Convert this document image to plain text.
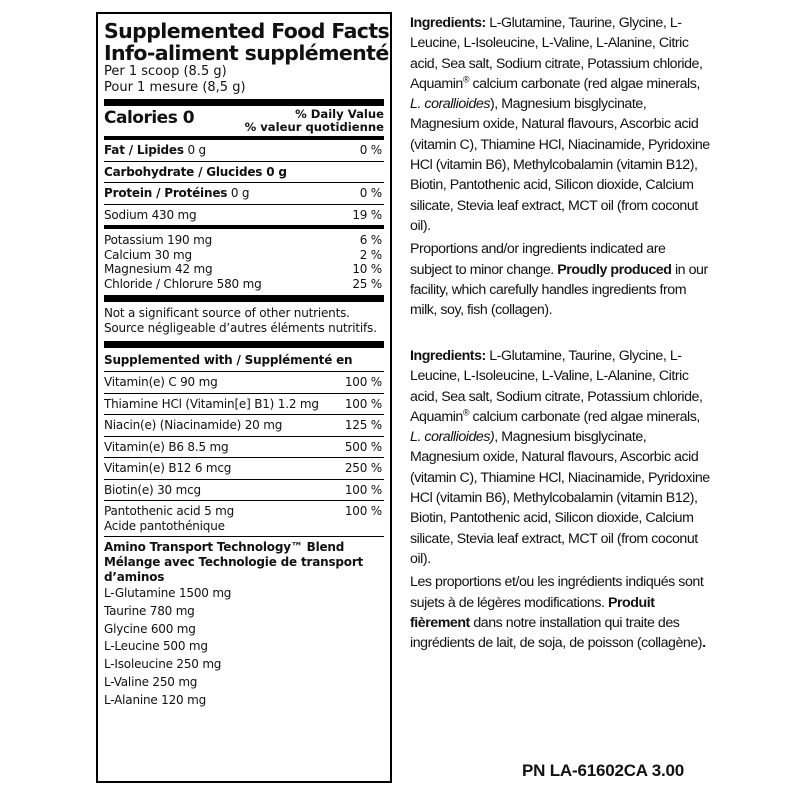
Supplemented Food Facts
Info-aliment supplémenté
Per 1 scoop (8.5 g)
Pour 1 mesure (8,5 g)
Calories 0	% Daily Value
% valeur quotidienne
Fat / Lipides 0 g	0 %
Carbohydrate / Glucides 0 g
Protein / Protéines 0 g	0 %
Sodium 430 mg	19 %
Potassium 190 mg	6 %
Calcium 30 mg	2 %
Magnesium 42 mg	10 %
Chloride / Chlorure 580 mg	25 %
Not a significant source of other nutrients.
Source négligeable d’autres éléments nutritifs.
Supplemented with / Supplémenté en
Vitamin(e) C 90 mg	100 %
Thiamine HCl (Vitamin[e] B1) 1.2 mg 100 %
Niacin(e) (Niacinamide) 20 mg	125 %
Vitamin(e) B6 8.5 mg	500 %
Vitamin(e) B12 6 mcg	250 %
Biotin(e) 30 mcg	100 %
Pantothenic acid 5 mg	100 %
Acide pantothénique
Amino Transport Technology™ Blend
Mélange avec Technologie de transport
d’aminos
L-Glutamine 1500 mg
Taurine 780 mg
Glycine 600 mg
L-Leucine 500 mg
L-Isoleucine 250 mg
L-Valine 250 mg
L-Alanine 120 mg

Ingredients: L-Glutamine, Taurine, Glycine, L-Leucine, L-Isoleucine, L-Valine, L-Alanine, Citric acid, Sea salt, Sodium citrate, Potassium chloride, Aquamin® calcium carbonate (red algae minerals, L. corallioides), Magnesium bisglycinate, Magnesium oxide, Natural flavours, Ascorbic acid (vitamin C), Thiamine HCl, Niacinamide, Pyridoxine HCl (vitamin B6), Methylcobalamin (vitamin B12), Biotin, Pantothenic acid, Silicon dioxide, Calcium silicate, Stevia leaf extract, MCT oil (from coconut oil).

Proportions and/or ingredients indicated are subject to minor change. Proudly produced in our facility, which carefully handles ingredients from milk, soy, fish (collagen).

Ingredients: L-Glutamine, Taurine, Glycine, L-Leucine, L-Isoleucine, L-Valine, L-Alanine, Citric acid, Sea salt, Sodium citrate, Potassium chloride, Aquamin® calcium carbonate (red algae minerals, L. corallioides), Magnesium bisglycinate, Magnesium oxide, Natural flavours, Ascorbic acid (vitamin C), Thiamine HCl, Niacinamide, Pyridoxine HCl (vitamin B6), Methylcobalamin (vitamin B12), Biotin, Pantothenic acid, Silicon dioxide, Calcium silicate, Stevia leaf extract, MCT oil (from coconut oil).

Les proportions et/ou les ingrédients indiqués sont sujets à de légères modifications. Produit fièrement dans notre installation qui traite des ingrédients de lait, de soja, de poisson (collagène).

PN LA-61602CA 3.00
